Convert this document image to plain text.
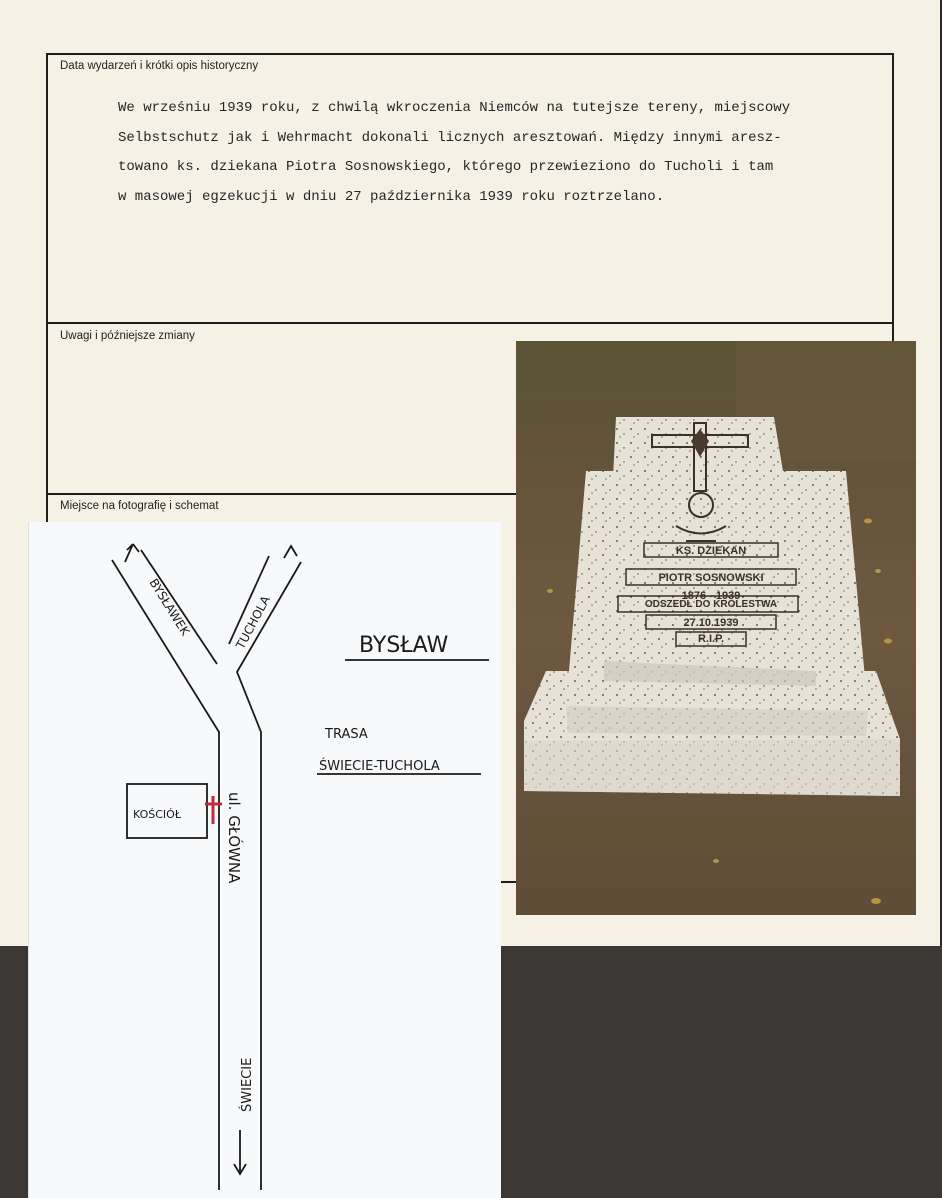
Data wydarzeń i krótki opis historyczny
We wrześniu 1939 roku, z chwilą wkroczenia Niemców na tutejsze tereny, miejscowy
Selbstschutz jak i Wehrmacht dokonali licznych aresztowań. Między innymi aresz-
towano ks. dziekana Piotra Sosnowskiego, którego przewieziono do Tucholi i tam
w masowej egzekucji w dniu 27 października 1939 roku roztrzelano.
Uwagi i późniejsze zmiany
Miejsce na fotografię i schemat
KS. DZIEKAN
PIOTR SOSNOWSKI
1876 - 1939
ODSZEDŁ DO KRÓLESTWA
27.10.1939
R.I.P.
BYSŁAW
TRASA
ŚWIECIE-TUCHOLA
KOŚCIÓŁ
BYSŁAWEK	TUCHOLA
ul. GŁÓWNA
ŚWIECIE
